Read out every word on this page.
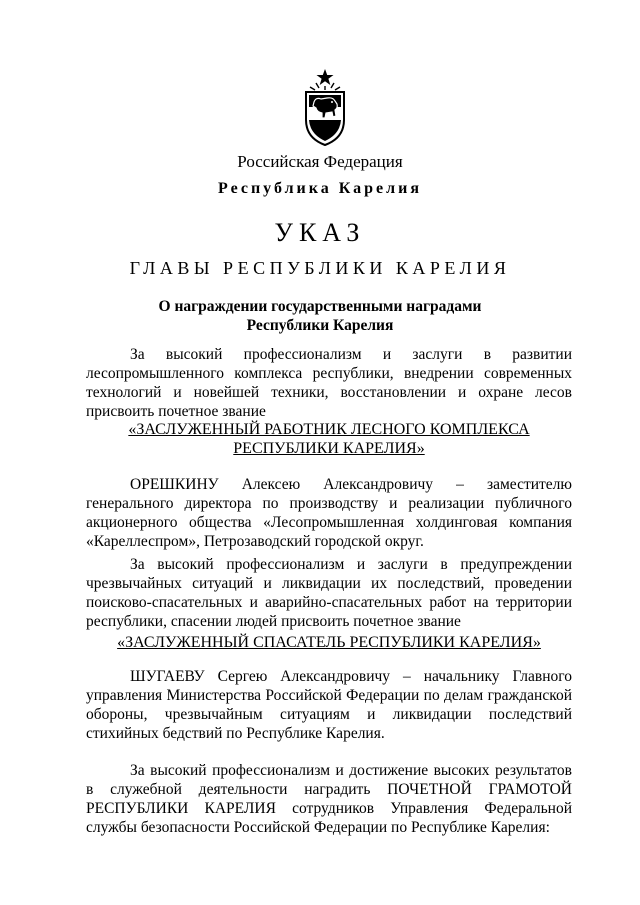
Российская Федерация
Республика Карелия
УКАЗ
ГЛАВЫ РЕСПУБЛИКИ КАРЕЛИЯ
О награждении государственными наградами
Республики Карелия
За высокий профессионализм и заслуги в развитии лесопромышленного комплекса республики, внедрении современных технологий и новейшей техники, восстановлении и охране лесов присвоить почетное звание
«ЗАСЛУЖЕННЫЙ РАБОТНИК ЛЕСНОГО КОМПЛЕКСА
РЕСПУБЛИКИ КАРЕЛИЯ»
ОРЕШКИНУ Алексею Александровичу – заместителю генерального директора по производству и реализации публичного акционерного общества «Лесопромышленная холдинговая компания «Кареллеспром», Петрозаводский городской округ.
За высокий профессионализм и заслуги в предупреждении чрезвычайных ситуаций и ликвидации их последствий, проведении поисково-спасательных и аварийно-спасательных работ на территории республики, спасении людей присвоить почетное звание
«ЗАСЛУЖЕННЫЙ СПАСАТЕЛЬ РЕСПУБЛИКИ КАРЕЛИЯ»
ШУГАЕВУ Сергею Александровичу – начальнику Главного управления Министерства Российской Федерации по делам гражданской обороны, чрезвычайным ситуациям и ликвидации последствий стихийных бедствий по Республике Карелия.
За высокий профессионализм и достижение высоких результатов в служебной деятельности наградить ПОЧЕТНОЙ ГРАМОТОЙ РЕСПУБЛИКИ КАРЕЛИЯ сотрудников Управления Федеральной службы безопасности Российской Федерации по Республике Карелия:
